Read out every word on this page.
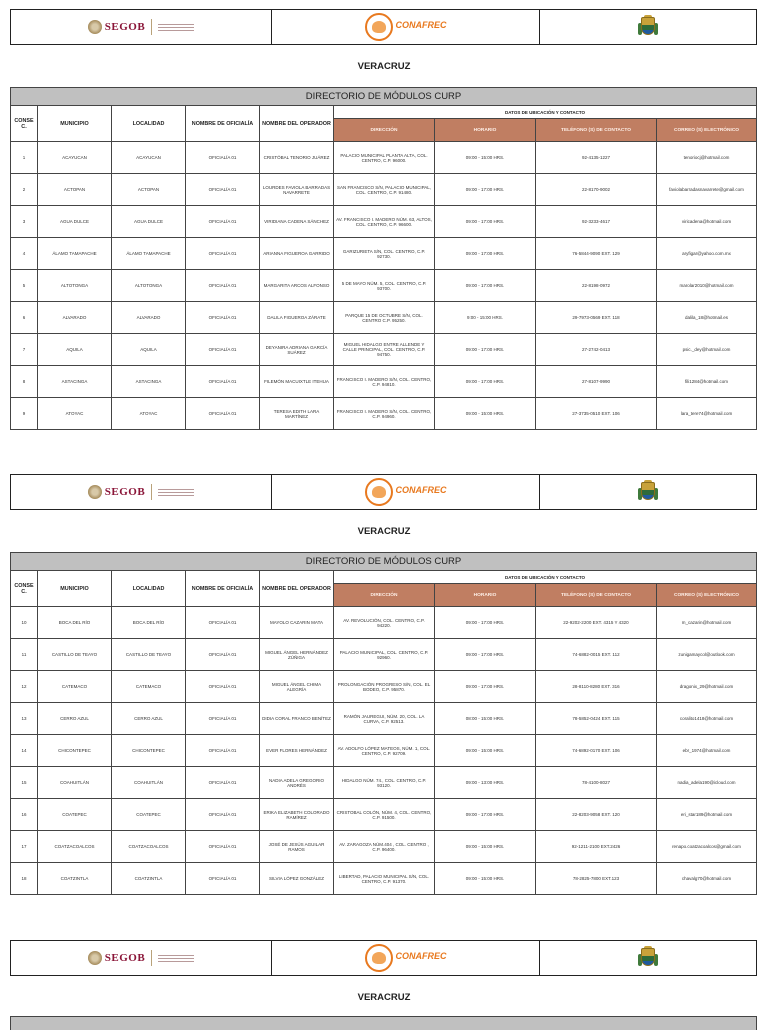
SEGOB	CONAFREC

VERACRUZ
DIRECTORIO DE MÓDULOS CURP								
CONSEC.	MUNICIPIO	LOCALIDAD	NOMBRE DE OFICIALÍA	NOMBRE DEL OPERADOR	DATOS DE UBICACIÓN Y CONTACTO			
					DIRECCIÓN	HORARIO	TELÉFONO (S) DE CONTACTO	CORREO (S) ELECTRÓNICO
1	ACAYUCAN	ACAYUCAN	OFICIALÍA 01	CRISTÓBAL TENORIO JUÁREZ	PALACIO MUNICIPAL PLANTA ALTA, COL. CENTRO, C.P. 96000.	09:00 - 15:00 HRS.	92-4135-1227	tenoriocj@hotmail.com
2	ACTOPAN	ACTOPAN	OFICIALÍA 01	LOURDES FAVIOLA BARRADAS NAVARRETE	SAN FRANCISCO S/N, PALACIO MUNICIPAL, COL. CENTRO, C.P. 91480.	09:00 - 17:00 HRS.	22-8170-9002	faviolabarradasnavarrete@gmail.com
3	AGUA DULCE	AGUA DULCE	OFICIALÍA 01	VIRIDIANA CADENA SÁNCHEZ	AV. FRANCISCO I. MADERO NÚM. 63, ALTOS, COL. CENTRO, C.P. 96600.	09:00 - 17:00 HRS.	92-3233-4617	viricadena@hotmail.com
4	ÁLAMO TAMAPACHE	ÁLAMO TAMAPACHE	OFICIALÍA 01	ARIANNA FIGUEROA GARRIDO	GARIZURIETA S/N, COL. CENTRO, C.P. 92730.	09:00 - 17:00 HRS.	76-5844-9090 EXT. 129	aryfigar@yahoo.com.mx
5	ALTOTONGA	ALTOTONGA	OFICIALÍA 01	MARGARITA ARCOS ALFONSO	5 DE MAYO NÚM. 5, COL. CENTRO, C.P. 93700.	09:00 - 17:00 HRS.	22-8198-0972	marolar2010@hotmail.com
6	ALVARADO	ALVARADO	OFICIALÍA 01	DALILA FIGUEROA ZÁRATE	PARQUE 15 DE OCTUBRE S/N, COL. CENTRO C.P. 95250.	9:00 - 15:00 HRS.	29-7973-0569 EXT. 118	dalila_18@hotmail.es
7	AQUILA	AQUILA	OFICIALÍA 01	DEYANIRA ADRIANA GARCÍA SUÁREZ	MIGUEL HIDALGO ENTRE ALLENDE Y CALLE PRINCIPAL, COL. CENTRO, C.P. 94750.	09:00 - 17:00 HRS.	27-2742-0413	psic._dey@hotmail.com
8	ASTACINGA	ASTACINGA	OFICIALÍA 01	FILEMÓN MACUIXTLE ITEHUA	FRANCISCO I. MADERO S/N, COL. CENTRO, C.P. 94810.	09:00 - 17:00 HRS.	27-8107-9990	fili1284@hotmail.com
9	ATOYAC	ATOYAC	OFICIALÍA 01	TERESA EDITH LARA MARTÍNEZ	FRANCISCO I. MADERO S/N, COL. CENTRO, C.P. 94960.	09:00 - 15:00 HRS.	27-3735-0510 EXT. 106	lara_tere74@hotmail.com
SEGOB	CONAFREC

VERACRUZ
DIRECTORIO DE MÓDULOS CURP								
CONSEC.	MUNICIPIO	LOCALIDAD	NOMBRE DE OFICIALÍA	NOMBRE DEL OPERADOR	DATOS DE UBICACIÓN Y CONTACTO			
					DIRECCIÓN	HORARIO	TELÉFONO (S) DE CONTACTO	CORREO (S) ELECTRÓNICO
10	BOCA DEL RÍO	BOCA DEL RÍO	OFICIALÍA 01	MAYOLO CAZARIN MATA	AV. REVOLUCIÓN, COL. CENTRO, C.P. 94220.	09:00 - 17:00 HRS.	22-9202-2200 EXT. 4315 Y 4320	m_cazarin@hotmail.com
11	CASTILLO DE TEAYO	CASTILLO DE TEAYO	OFICIALÍA 01	MIGUEL ÁNGEL HERNÁNDEZ ZÚÑIGA	PALACIO MUNICIPAL, COL. CENTRO, C.P. 92960.	09:00 - 17:00 HRS.	74-6882-0015 EXT. 112	zunigamaycol@outlook.com
12	CATEMACO	CATEMACO	OFICIALÍA 01	MIGUEL ÁNGEL CHIMA ALEGRÍA	PROLONGACIÓN PROGRESO S/N, COL. EL BODEO, C.P. 95870.	09:00 - 17:00 HRS.	28-8110-8280 EXT. 316	dragonix_29@hotmail.com
13	CERRO AZUL	CERRO AZUL	OFICIALÍA 01	DIDIA CORAL FRANCO BENÍTEZ	RAMÓN JAUREGUI, NÚM. 20, COL. LA CURVA, C.P. 92513.	08:00 - 15:00 HRS.	78-5852-0424 EXT. 115	coralito1418@hotmail.com
14	CHICONTEPEC	CHICONTEPEC	OFICIALÍA 01	EVER FLORES HERNÁNDEZ	AV. ADOLFO LÓPEZ MATEOS, NÚM. 1, COL. CENTRO, C.P. 92709.	09:00 - 15:00 HRS.	74-6892-0170 EXT. 106	ebr_1974@hotmail.com
15	COAHUITLÁN	COAHUITLÁN	OFICIALÍA 01	NADIA ADELA GREGORIO ANDRÉS	HIDALGO NÚM. 74., COL. CENTRO, C.P. 93120.	09:00 - 13:00 HRS.	78-4100-8027	nadia_adela190@icloud.com
16	COATEPEC	COATEPEC	OFICIALÍA 01	ERIKA ELIZABETH COLORADO RAMÍREZ	CRISTOBAL COLÓN, NÚM. 4, COL. CENTRO, C.P. 91500.	09:00 - 17:00 HRS.	22-8203-9058 EXT. 120	eri_star189@hotmail.com
17	COATZACOALCOS	COATZACOALCOS	OFICIALÍA 01	JOSÉ DE JESÚS AGUILAR RAMOS	AV. ZARAGOZA NÚM.404 , COL. CENTRO , C.P. 96400.	09:00 - 15:00 HRS.	92-1211-2100 EXT.2426	renapo.coatzacoalcos@gmail.com
18	COATZINTLA	COATZINTLA	OFICIALÍA 01	SILVIA LÓPEZ GONZÁLEZ	LIBERTAD, PALACIO MUNICIPAL S/N, COL. CENTRO, C.P. 91370.	09:00 - 15:00 HRS.	78-2825-7800 EXT.123	chavalg70@hotmail.com
SEGOB	CONAFREC

VERACRUZ
